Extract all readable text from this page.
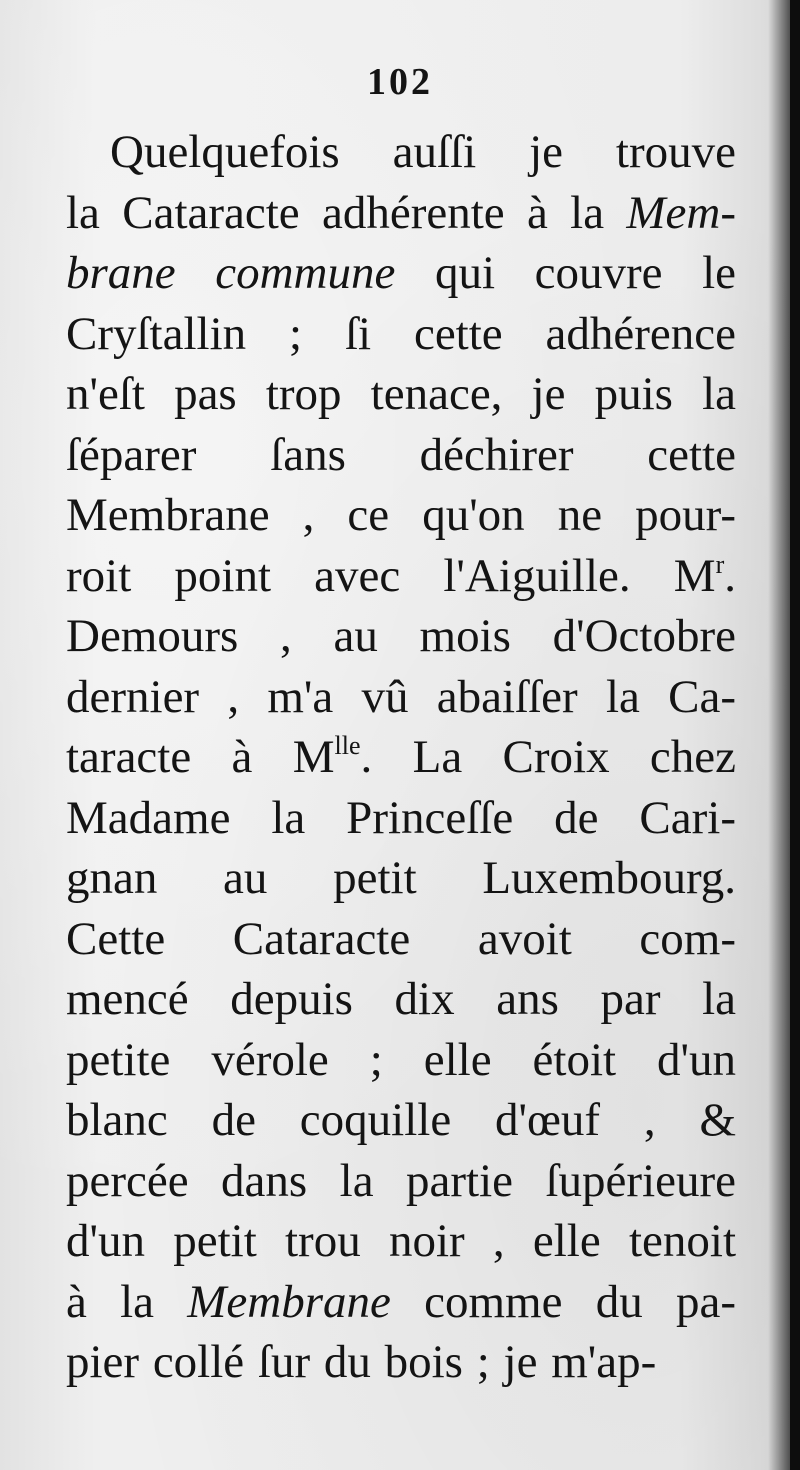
102
Quelquefois auſſi je trouve
la Cataracte adhérente à la Mem-
brane commune qui couvre le
Cryſtallin ; ſi cette adhérence
n'eſt pas trop tenace, je puis la
ſéparer ſans déchirer cette
Membrane , ce qu'on ne pour-
roit point avec l'Aiguille. $M^r$.
Demours , au mois d'Octobre
dernier , m'a vû abaiſſer la Ca-
taracte à $M^{lle}$. La Croix chez
Madame la Princeſſe de Cari-
gnan au petit Luxembourg.
Cette Cataracte avoit com-
mencé depuis dix ans par la
petite vérole ; elle étoit d'un
blanc de coquille d'œuf , &
percée dans la partie ſupérieure
d'un petit trou noir , elle tenoit
à la Membrane comme du pa-
pier collé ſur du bois ; je m'ap-
